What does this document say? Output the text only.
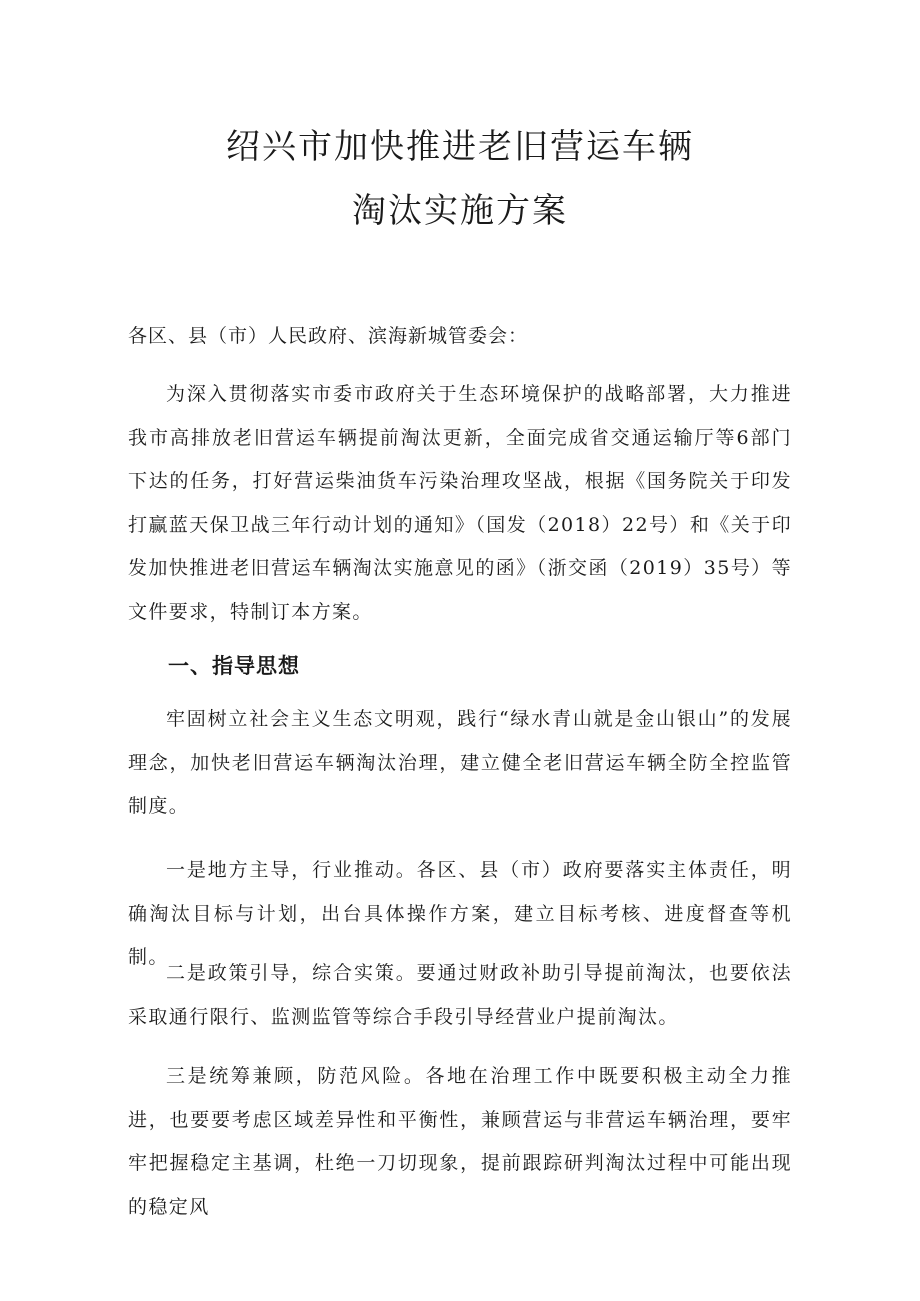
绍兴市加快推进老旧营运车辆
淘汰实施方案
各区、县（市）人民政府、滨海新城管委会：

为深入贯彻落实市委市政府关于生态环境保护的战略部署，大力推进我市高排放老旧营运车辆提前淘汰更新，全面完成省交通运输厅等6部门下达的任务，打好营运柴油货车污染治理攻坚战，根据《国务院关于印发打赢蓝天保卫战三年行动计划的通知》（国发（2018）22号）和《关于印发加快推进老旧营运车辆淘汰实施意见的函》（浙交函（2019）35号）等文件要求，特制订本方案。

一、指导思想

牢固树立社会主义生态文明观，践行“绿水青山就是金山银山”的发展理念，加快老旧营运车辆淘汰治理，建立健全老旧营运车辆全防全控监管制度。

一是地方主导，行业推动。各区、县（市）政府要落实主体责任，明确淘汰目标与计划，出台具体操作方案，建立目标考核、进度督查等机制。

二是政策引导，综合实策。要通过财政补助引导提前淘汰，也要依法采取通行限行、监测监管等综合手段引导经营业户提前淘汰。

三是统筹兼顾，防范风险。各地在治理工作中既要积极主动全力推进，也要要考虑区域差异性和平衡性，兼顾营运与非营运车辆治理，要牢牢把握稳定主基调，杜绝一刀切现象，提前跟踪研判淘汰过程中可能出现的稳定风
